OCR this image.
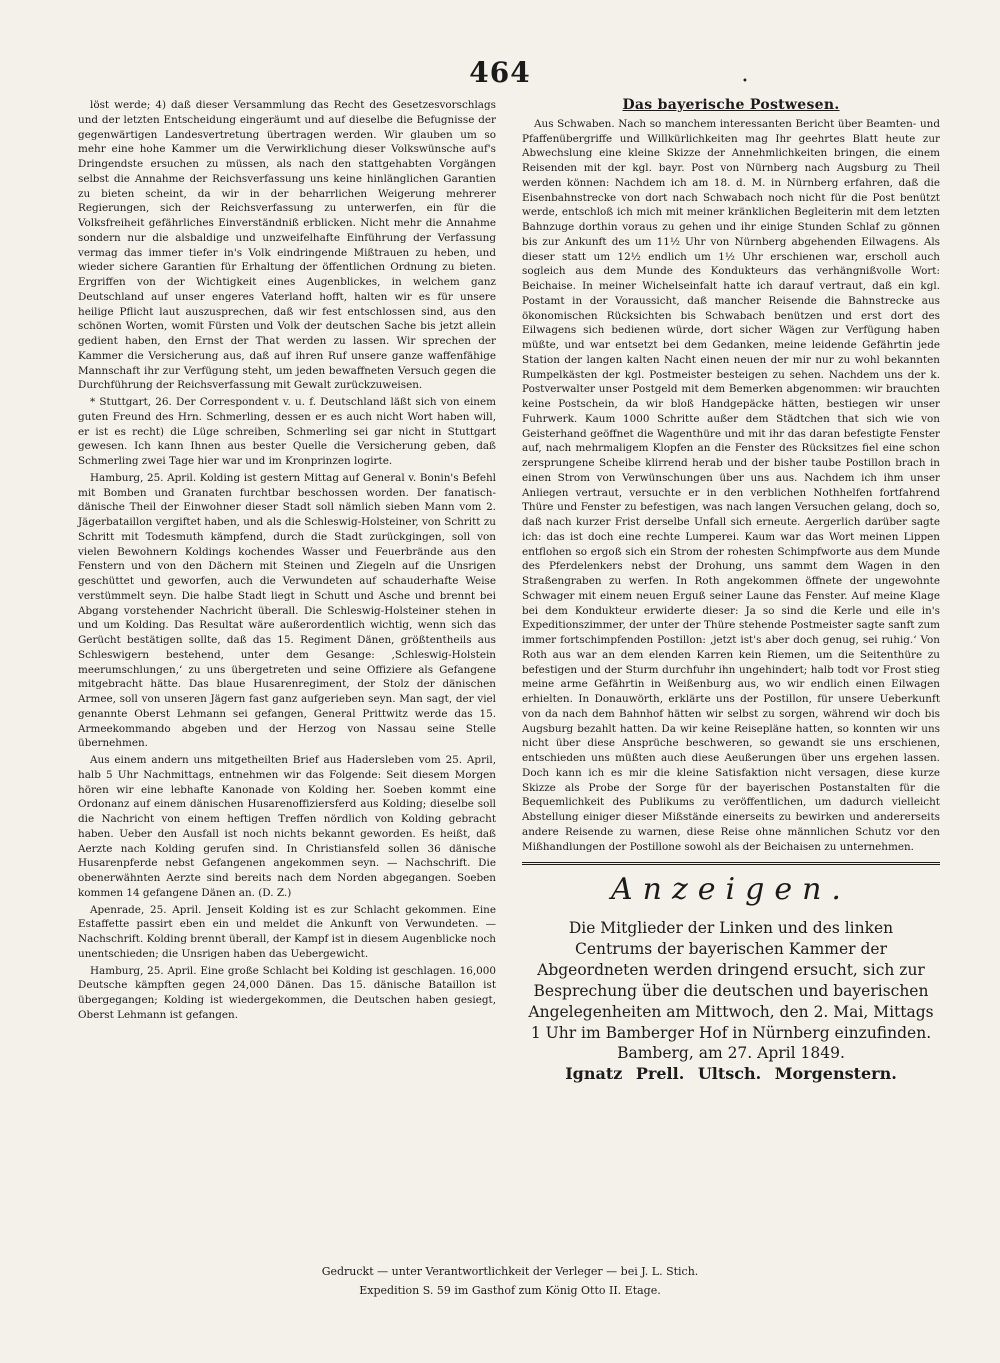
464	•

löst werde; 4) daß dieser Versammlung das Recht des Gesetzesvorschlags und der letzten Entscheidung eingeräumt und auf dieselbe die Befugnisse der gegenwärtigen Landesvertretung übertragen werden. Wir glauben um so mehr eine hohe Kammer um die Verwirklichung dieser Volkswünsche auf's Dringendste ersuchen zu müssen, als nach den stattgehabten Vorgängen selbst die Annahme der Reichsverfassung uns keine hinlänglichen Garantien zu bieten scheint, da wir in der beharrlichen Weigerung mehrerer Regierungen, sich der Reichsverfassung zu unterwerfen, ein für die Volksfreiheit gefährliches Einverständniß erblicken. Nicht mehr die Annahme sondern nur die alsbaldige und unzweifelhafte Einführung der Verfassung vermag das immer tiefer in's Volk eindringende Mißtrauen zu heben, und wieder sichere Garantien für Erhaltung der öffentlichen Ordnung zu bieten. Ergriffen von der Wichtigkeit eines Augenblickes, in welchem ganz Deutschland auf unser engeres Vaterland hofft, halten wir es für unsere heilige Pflicht laut auszusprechen, daß wir fest entschlossen sind, aus den schönen Worten, womit Fürsten und Volk der deutschen Sache bis jetzt allein gedient haben, den Ernst der That werden zu lassen. Wir sprechen der Kammer die Versicherung aus, daß auf ihren Ruf unsere ganze waffenfähige Mannschaft ihr zur Verfügung steht, um jeden bewaffneten Versuch gegen die Durchführung der Reichsverfassung mit Gewalt zurückzuweisen.

* Stuttgart, 26. Der Correspondent v. u. f. Deutschland läßt sich von einem guten Freund des Hrn. Schmerling, dessen er es auch nicht Wort haben will, er ist es recht) die Lüge schreiben, Schmerling sei gar nicht in Stuttgart gewesen. Ich kann Ihnen aus bester Quelle die Versicherung geben, daß Schmerling zwei Tage hier war und im Kronprinzen logirte.

Hamburg, 25. April. Kolding ist gestern Mittag auf General v. Bonin's Befehl mit Bomben und Granaten furchtbar beschossen worden. Der fanatisch-dänische Theil der Einwohner dieser Stadt soll nämlich sieben Mann vom 2. Jägerbataillon vergiftet haben, und als die Schleswig-Holsteiner, von Schritt zu Schritt mit Todesmuth kämpfend, durch die Stadt zurückgingen, soll von vielen Bewohnern Koldings kochendes Wasser und Feuerbrände aus den Fenstern und von den Dächern mit Steinen und Ziegeln auf die Unsrigen geschüttet und geworfen, auch die Verwundeten auf schauderhafte Weise verstümmelt seyn. Die halbe Stadt liegt in Schutt und Asche und brennt bei Abgang vorstehender Nachricht überall. Die Schleswig-Holsteiner stehen in und um Kolding. Das Resultat wäre außerordentlich wichtig, wenn sich das Gerücht bestätigen sollte, daß das 15. Regiment Dänen, größtentheils aus Schleswigern bestehend, unter dem Gesange: ‚Schleswig-Holstein meerumschlungen,‘ zu uns übergetreten und seine Offiziere als Gefangene mitgebracht hätte. Das blaue Husarenregiment, der Stolz der dänischen Armee, soll von unseren Jägern fast ganz aufgerieben seyn. Man sagt, der viel genannte Oberst Lehmann sei gefangen, General Prittwitz werde das 15. Armeekommando abgeben und der Herzog von Nassau seine Stelle übernehmen.

Aus einem andern uns mitgetheilten Brief aus Hadersleben vom 25. April, halb 5 Uhr Nachmittags, entnehmen wir das Folgende: Seit diesem Morgen hören wir eine lebhafte Kanonade von Kolding her. Soeben kommt eine Ordonanz auf einem dänischen Husarenoffiziersferd aus Kolding; dieselbe soll die Nachricht von einem heftigen Treffen nördlich von Kolding gebracht haben. Ueber den Ausfall ist noch nichts bekannt geworden. Es heißt, daß Aerzte nach Kolding gerufen sind. In Christiansfeld sollen 36 dänische Husarenpferde nebst Gefangenen angekommen seyn. — Nachschrift. Die obenerwähnten Aerzte sind bereits nach dem Norden abgegangen. Soeben kommen 14 gefangene Dänen an. (D. Z.)

Apenrade, 25. April. Jenseit Kolding ist es zur Schlacht gekommen. Eine Estaffette passirt eben ein und meldet die Ankunft von Verwundeten. — Nachschrift. Kolding brennt überall, der Kampf ist in diesem Augenblicke noch unentschieden; die Unsrigen haben das Uebergewicht.

Hamburg, 25. April. Eine große Schlacht bei Kolding ist geschlagen. 16,000 Deutsche kämpften gegen 24,000 Dänen. Das 15. dänische Bataillon ist übergegangen; Kolding ist wiedergekommen, die Deutschen haben gesiegt, Oberst Lehmann ist gefangen.

Das bayerische Postwesen.

Aus Schwaben. Nach so manchem interessanten Bericht über Beamten- und Pfaffenübergriffe und Willkürlichkeiten mag Ihr geehrtes Blatt heute zur Abwechslung eine kleine Skizze der Annehmlichkeiten bringen, die einem Reisenden mit der kgl. bayr. Post von Nürnberg nach Augsburg zu Theil werden können: Nachdem ich am 18. d. M. in Nürnberg erfahren, daß die Eisenbahnstrecke von dort nach Schwabach noch nicht für die Post benützt werde, entschloß ich mich mit meiner kränklichen Begleiterin mit dem letzten Bahnzuge dorthin voraus zu gehen und ihr einige Stunden Schlaf zu gönnen bis zur Ankunft des um 11½ Uhr von Nürnberg abgehenden Eilwagens. Als dieser statt um 12½ endlich um 1½ Uhr erschienen war, erscholl auch sogleich aus dem Munde des Kondukteurs das verhängnißvolle Wort: Beichaise. In meiner Wichelseinfalt hatte ich darauf vertraut, daß ein kgl. Postamt in der Voraussicht, daß mancher Reisende die Bahnstrecke aus ökonomischen Rücksichten bis Schwabach benützen und erst dort des Eilwagens sich bedienen würde, dort sicher Wägen zur Verfügung haben müßte, und war entsetzt bei dem Gedanken, meine leidende Gefährtin jede Station der langen kalten Nacht einen neuen der mir nur zu wohl bekannten Rumpelkästen der kgl. Postmeister besteigen zu sehen. Nachdem uns der k. Postverwalter unser Postgeld mit dem Bemerken abgenommen: wir brauchten keine Postschein, da wir bloß Handgepäcke hätten, bestiegen wir unser Fuhrwerk. Kaum 1000 Schritte außer dem Städtchen that sich wie von Geisterhand geöffnet die Wagenthüre und mit ihr das daran befestigte Fenster auf, nach mehrmaligem Klopfen an die Fenster des Rücksitzes fiel eine schon zersprungene Scheibe klirrend herab und der bisher taube Postillon brach in einen Strom von Verwünschungen über uns aus. Nachdem ich ihm unser Anliegen vertraut, versuchte er in den verblichen Nothhelfen fortfahrend Thüre und Fenster zu befestigen, was nach langen Versuchen gelang, doch so, daß nach kurzer Frist derselbe Unfall sich erneute. Aergerlich darüber sagte ich: das ist doch eine rechte Lumperei. Kaum war das Wort meinen Lippen entflohen so ergoß sich ein Strom der rohesten Schimpfworte aus dem Munde des Pferdelenkers nebst der Drohung, uns sammt dem Wagen in den Straßengraben zu werfen. In Roth angekommen öffnete der ungewohnte Schwager mit einem neuen Erguß seiner Laune das Fenster. Auf meine Klage bei dem Kondukteur erwiderte dieser: Ja so sind die Kerle und eile in's Expeditionszimmer, der unter der Thüre stehende Postmeister sagte sanft zum immer fortschimpfenden Postillon: ‚jetzt ist's aber doch genug, sei ruhig.‘ Von Roth aus war an dem elenden Karren kein Riemen, um die Seitenthüre zu befestigen und der Sturm durchfuhr ihn ungehindert; halb todt vor Frost stieg meine arme Gefährtin in Weißenburg aus, wo wir endlich einen Eilwagen erhielten. In Donauwörth, erklärte uns der Postillon, für unsere Ueberkunft von da nach dem Bahnhof hätten wir selbst zu sorgen, während wir doch bis Augsburg bezahlt hatten. Da wir keine Reisepläne hatten, so konnten wir uns nicht über diese Ansprüche beschweren, so gewandt sie uns erschienen, entschieden uns müßten auch diese Aeußerungen über uns ergehen lassen. Doch kann ich es mir die kleine Satisfaktion nicht versagen, diese kurze Skizze als Probe der Sorge für der bayerischen Postanstalten für die Bequemlichkeit des Publikums zu veröffentlichen, um dadurch vielleicht Abstellung einiger dieser Mißstände einerseits zu bewirken und andererseits andere Reisende zu warnen, diese Reise ohne männlichen Schutz vor den Mißhandlungen der Postillone sowohl als der Beichaisen zu unternehmen.

Anzeigen.
Die Mitglieder der Linken und des linken Centrums der bayerischen Kammer der Abgeordneten werden dringend ersucht, sich zur Besprechung über die deutschen und bayerischen Angelegenheiten am Mittwoch, den 2. Mai, Mittags 1 Uhr im Bamberger Hof in Nürnberg einzufinden.
Bamberg, am 27. April 1849.
Ignatz Prell. Ultsch. Morgenstern.
Gedruckt — unter Verantwortlichkeit der Verleger — bei J. L. Stich.
Expedition S. 59 im Gasthof zum König Otto II. Etage.
